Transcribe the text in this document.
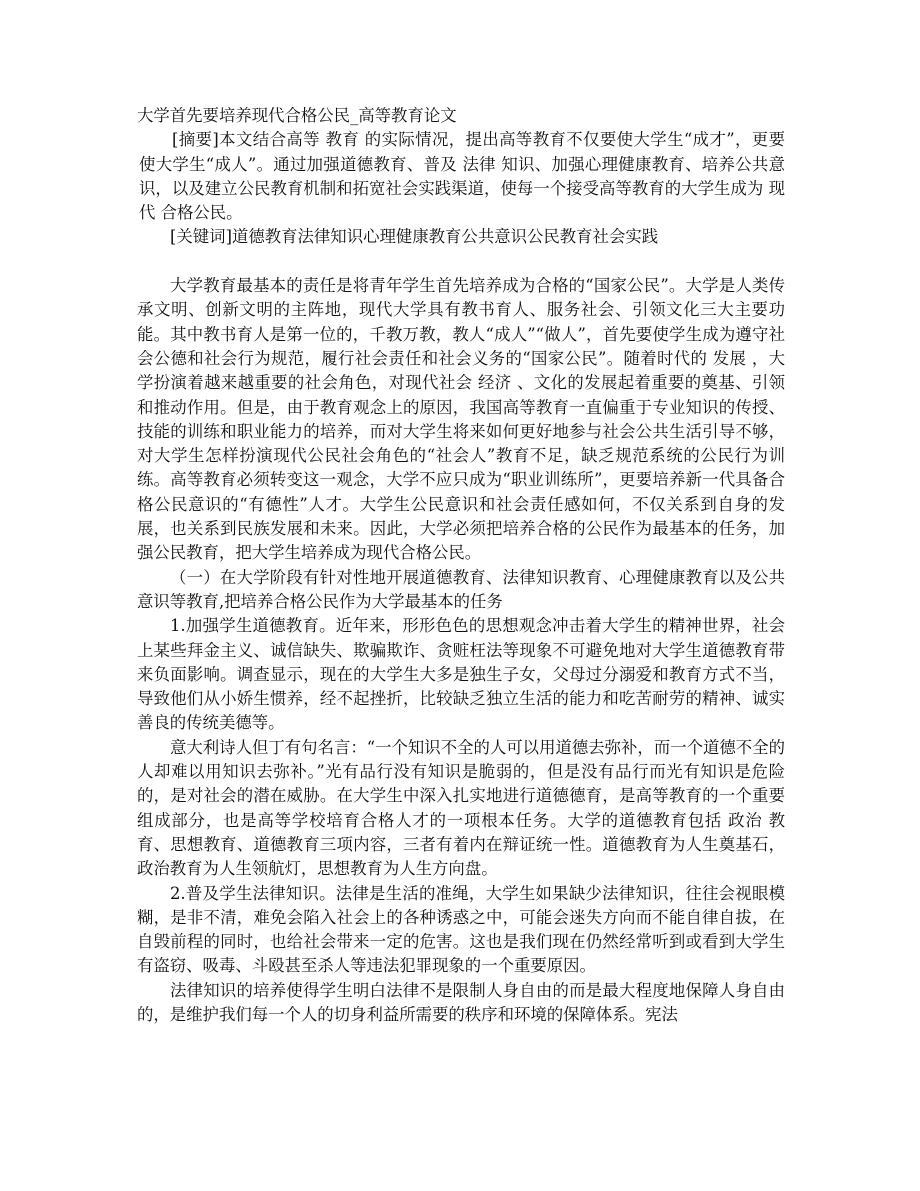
大学首先要培养现代合格公民_高等教育论文

[摘要]本文结合高等 教育 的实际情况，提出高等教育不仅要使大学生“成才”，更要使大学生“成人”。通过加强道德教育、普及 法律 知识、加强心理健康教育、培养公共意识，以及建立公民教育机制和拓宽社会实践渠道，使每一个接受高等教育的大学生成为 现代 合格公民。

[关键词]道德教育法律知识心理健康教育公共意识公民教育社会实践

大学教育最基本的责任是将青年学生首先培养成为合格的“国家公民”。大学是人类传承文明、创新文明的主阵地，现代大学具有教书育人、服务社会、引领文化三大主要功能。其中教书育人是第一位的，千教万教，教人“成人”“做人”，首先要使学生成为遵守社会公德和社会行为规范，履行社会责任和社会义务的“国家公民”。随着时代的 发展 ，大学扮演着越来越重要的社会角色，对现代社会 经济 、文化的发展起着重要的奠基、引领和推动作用。但是，由于教育观念上的原因，我国高等教育一直偏重于专业知识的传授、技能的训练和职业能力的培养，而对大学生将来如何更好地参与社会公共生活引导不够，对大学生怎样扮演现代公民社会角色的“社会人”教育不足，缺乏规范系统的公民行为训练。高等教育必须转变这一观念，大学不应只成为“职业训练所”，更要培养新一代具备合格公民意识的“有德性”人才。大学生公民意识和社会责任感如何，不仅关系到自身的发展，也关系到民族发展和未来。因此，大学必须把培养合格的公民作为最基本的任务，加强公民教育，把大学生培养成为现代合格公民。

（一）在大学阶段有针对性地开展道德教育、法律知识教育、心理健康教育以及公共意识等教育,把培养合格公民作为大学最基本的任务

1.加强学生道德教育。近年来，形形色色的思想观念冲击着大学生的精神世界，社会上某些拜金主义、诚信缺失、欺骗欺诈、贪赃枉法等现象不可避免地对大学生道德教育带来负面影响。调查显示，现在的大学生大多是独生子女，父母过分溺爱和教育方式不当，导致他们从小娇生惯养，经不起挫折，比较缺乏独立生活的能力和吃苦耐劳的精神、诚实善良的传统美德等。

意大利诗人但丁有句名言：“一个知识不全的人可以用道德去弥补，而一个道德不全的人却难以用知识去弥补。”光有品行没有知识是脆弱的，但是没有品行而光有知识是危险的，是对社会的潜在威胁。在大学生中深入扎实地进行道德德育，是高等教育的一个重要组成部分，也是高等学校培育合格人才的一项根本任务。大学的道德教育包括 政治 教育、思想教育、道德教育三项内容，三者有着内在辩证统一性。道德教育为人生奠基石，政治教育为人生领航灯，思想教育为人生方向盘。

2.普及学生法律知识。法律是生活的准绳，大学生如果缺少法律知识，往往会视眼模糊，是非不清，难免会陷入社会上的各种诱惑之中，可能会迷失方向而不能自律自拔，在自毁前程的同时，也给社会带来一定的危害。这也是我们现在仍然经常听到或看到大学生有盗窃、吸毒、斗殴甚至杀人等违法犯罪现象的一个重要原因。

法律知识的培养使得学生明白法律不是限制人身自由的而是最大程度地保障人身自由的，是维护我们每一个人的切身利益所需要的秩序和环境的保障体系。宪法
